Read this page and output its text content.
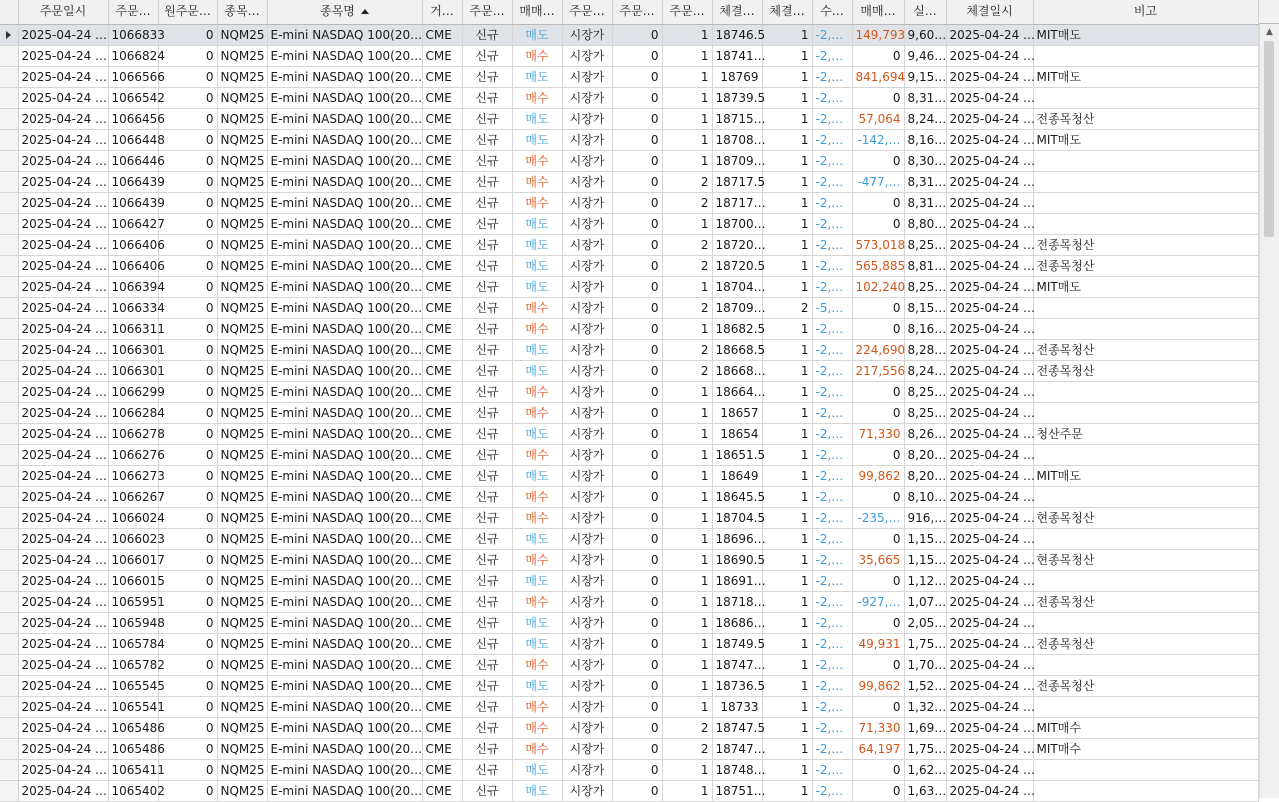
	주문일시	주문…	원주문…	종목…	종목명	거…	주문…	매매…	주문…	주문…	주문…	체결…	체결…	수…	매매…	실…	체결일시	비고
	2025-04-24 …	1066833	0	NQM25	E-mini NASDAQ 100(20…	CME	신규	매도	시장가	0	1	18746.5	1	-2,…	149,793	9,60…	2025-04-24 …	MIT매도
	2025-04-24 …	1066824	0	NQM25	E-mini NASDAQ 100(20…	CME	신규	매수	시장가	0	1	18741…	1	-2,…	0	9,46…	2025-04-24 …	
	2025-04-24 …	1066566	0	NQM25	E-mini NASDAQ 100(20…	CME	신규	매도	시장가	0	1	18769	1	-2,…	841,694	9,15…	2025-04-24 …	MIT매도
	2025-04-24 …	1066542	0	NQM25	E-mini NASDAQ 100(20…	CME	신규	매수	시장가	0	1	18739.5	1	-2,…	0	8,31…	2025-04-24 …	
	2025-04-24 …	1066456	0	NQM25	E-mini NASDAQ 100(20…	CME	신규	매도	시장가	0	1	18715…	1	-2,…	57,064	8,24…	2025-04-24 …	전종목청산
	2025-04-24 …	1066448	0	NQM25	E-mini NASDAQ 100(20…	CME	신규	매도	시장가	0	1	18708…	1	-2,…	-142,…	8,16…	2025-04-24 …	MIT매도
	2025-04-24 …	1066446	0	NQM25	E-mini NASDAQ 100(20…	CME	신규	매수	시장가	0	1	18709…	1	-2,…	0	8,30…	2025-04-24 …	
	2025-04-24 …	1066439	0	NQM25	E-mini NASDAQ 100(20…	CME	신규	매수	시장가	0	2	18717.5	1	-2,…	-477,…	8,31…	2025-04-24 …	
	2025-04-24 …	1066439	0	NQM25	E-mini NASDAQ 100(20…	CME	신규	매수	시장가	0	2	18717…	1	-2,…	0	8,31…	2025-04-24 …	
	2025-04-24 …	1066427	0	NQM25	E-mini NASDAQ 100(20…	CME	신규	매도	시장가	0	1	18700…	1	-2,…	0	8,80…	2025-04-24 …	
	2025-04-24 …	1066406	0	NQM25	E-mini NASDAQ 100(20…	CME	신규	매도	시장가	0	2	18720…	1	-2,…	573,018	8,25…	2025-04-24 …	전종목청산
	2025-04-24 …	1066406	0	NQM25	E-mini NASDAQ 100(20…	CME	신규	매도	시장가	0	2	18720.5	1	-2,…	565,885	8,81…	2025-04-24 …	전종목청산
	2025-04-24 …	1066394	0	NQM25	E-mini NASDAQ 100(20…	CME	신규	매도	시장가	0	1	18704…	1	-2,…	102,240	8,25…	2025-04-24 …	MIT매도
	2025-04-24 …	1066334	0	NQM25	E-mini NASDAQ 100(20…	CME	신규	매수	시장가	0	2	18709…	2	-5,…	0	8,15…	2025-04-24 …	
	2025-04-24 …	1066311	0	NQM25	E-mini NASDAQ 100(20…	CME	신규	매수	시장가	0	1	18682.5	1	-2,…	0	8,16…	2025-04-24 …	
	2025-04-24 …	1066301	0	NQM25	E-mini NASDAQ 100(20…	CME	신규	매도	시장가	0	2	18668.5	1	-2,…	224,690	8,28…	2025-04-24 …	전종목청산
	2025-04-24 …	1066301	0	NQM25	E-mini NASDAQ 100(20…	CME	신규	매도	시장가	0	2	18668…	1	-2,…	217,556	8,24…	2025-04-24 …	전종목청산
	2025-04-24 …	1066299	0	NQM25	E-mini NASDAQ 100(20…	CME	신규	매수	시장가	0	1	18664…	1	-2,…	0	8,25…	2025-04-24 …	
	2025-04-24 …	1066284	0	NQM25	E-mini NASDAQ 100(20…	CME	신규	매수	시장가	0	1	18657	1	-2,…	0	8,25…	2025-04-24 …	
	2025-04-24 …	1066278	0	NQM25	E-mini NASDAQ 100(20…	CME	신규	매도	시장가	0	1	18654	1	-2,…	71,330	8,26…	2025-04-24 …	청산주문
	2025-04-24 …	1066276	0	NQM25	E-mini NASDAQ 100(20…	CME	신규	매수	시장가	0	1	18651.5	1	-2,…	0	8,20…	2025-04-24 …	
	2025-04-24 …	1066273	0	NQM25	E-mini NASDAQ 100(20…	CME	신규	매도	시장가	0	1	18649	1	-2,…	99,862	8,20…	2025-04-24 …	MIT매도
	2025-04-24 …	1066267	0	NQM25	E-mini NASDAQ 100(20…	CME	신규	매수	시장가	0	1	18645.5	1	-2,…	0	8,10…	2025-04-24 …	
	2025-04-24 …	1066024	0	NQM25	E-mini NASDAQ 100(20…	CME	신규	매수	시장가	0	1	18704.5	1	-2,…	-235,…	916,…	2025-04-24 …	현종목청산
	2025-04-24 …	1066023	0	NQM25	E-mini NASDAQ 100(20…	CME	신규	매도	시장가	0	1	18696…	1	-2,…	0	1,15…	2025-04-24 …	
	2025-04-24 …	1066017	0	NQM25	E-mini NASDAQ 100(20…	CME	신규	매수	시장가	0	1	18690.5	1	-2,…	35,665	1,15…	2025-04-24 …	현종목청산
	2025-04-24 …	1066015	0	NQM25	E-mini NASDAQ 100(20…	CME	신규	매도	시장가	0	1	18691…	1	-2,…	0	1,12…	2025-04-24 …	
	2025-04-24 …	1065951	0	NQM25	E-mini NASDAQ 100(20…	CME	신규	매수	시장가	0	1	18718…	1	-2,…	-927,…	1,07…	2025-04-24 …	전종목청산
	2025-04-24 …	1065948	0	NQM25	E-mini NASDAQ 100(20…	CME	신규	매도	시장가	0	1	18686…	1	-2,…	0	2,05…	2025-04-24 …	
	2025-04-24 …	1065784	0	NQM25	E-mini NASDAQ 100(20…	CME	신규	매도	시장가	0	1	18749.5	1	-2,…	49,931	1,75…	2025-04-24 …	전종목청산
	2025-04-24 …	1065782	0	NQM25	E-mini NASDAQ 100(20…	CME	신규	매수	시장가	0	1	18747…	1	-2,…	0	1,70…	2025-04-24 …	
	2025-04-24 …	1065545	0	NQM25	E-mini NASDAQ 100(20…	CME	신규	매도	시장가	0	1	18736.5	1	-2,…	99,862	1,52…	2025-04-24 …	전종목청산
	2025-04-24 …	1065541	0	NQM25	E-mini NASDAQ 100(20…	CME	신규	매수	시장가	0	1	18733	1	-2,…	0	1,32…	2025-04-24 …	
	2025-04-24 …	1065486	0	NQM25	E-mini NASDAQ 100(20…	CME	신규	매수	시장가	0	2	18747.5	1	-2,…	71,330	1,69…	2025-04-24 …	MIT매수
	2025-04-24 …	1065486	0	NQM25	E-mini NASDAQ 100(20…	CME	신규	매수	시장가	0	2	18747…	1	-2,…	64,197	1,75…	2025-04-24 …	MIT매수
	2025-04-24 …	1065411	0	NQM25	E-mini NASDAQ 100(20…	CME	신규	매도	시장가	0	1	18748…	1	-2,…	0	1,62…	2025-04-24 …	
	2025-04-24 …	1065402	0	NQM25	E-mini NASDAQ 100(20…	CME	신규	매도	시장가	0	1	18751…	1	-2,…	0	1,63…	2025-04-24 …	
▲
